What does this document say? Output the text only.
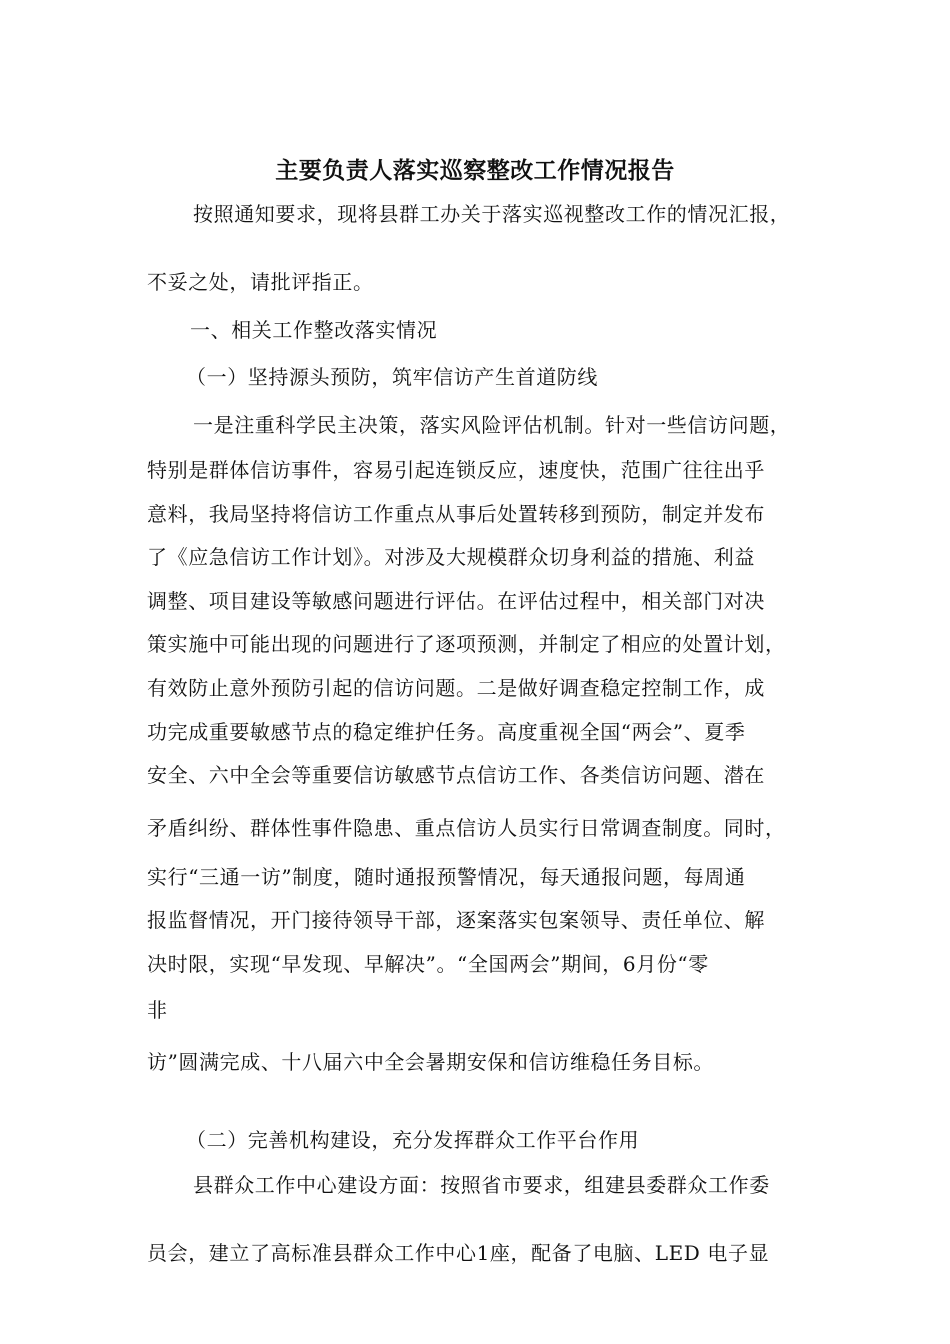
主要负责人落实巡察整改工作情况报告
按照通知要求，现将县群工办关于落实巡视整改工作的情况汇报，
不妥之处，请批评指正。
一、相关工作整改落实情况
（一）坚持源头预防，筑牢信访产生首道防线
一是注重科学民主决策，落实风险评估机制。针对一些信访问题，
特别是群体信访事件，容易引起连锁反应，速度快，范围广往往出乎
意料，我局坚持将信访工作重点从事后处置转移到预防，制定并发布
了《应急信访工作计划》。对涉及大规模群众切身利益的措施、利益
调整、项目建设等敏感问题进行评估。在评估过程中，相关部门对决
策实施中可能出现的问题进行了逐项预测，并制定了相应的处置计划，
有效防止意外预防引起的信访问题。二是做好调查稳定控制工作，成
功完成重要敏感节点的稳定维护任务。高度重视全国“两会”、夏季
安全、六中全会等重要信访敏感节点信访工作、各类信访问题、潜在
矛盾纠纷、群体性事件隐患、重点信访人员实行日常调查制度。同时，
实行“三通一访”制度，随时通报预警情况，每天通报问题，每周通
报监督情况，开门接待领导干部，逐案落实包案领导、责任单位、解
决时限，实现“早发现、早解决”。“全国两会”期间，6月份“零
非
访”圆满完成、十八届六中全会暑期安保和信访维稳任务目标。
（二）完善机构建设，充分发挥群众工作平台作用
县群众工作中心建设方面：按照省市要求，组建县委群众工作委
员会，建立了高标准县群众工作中心1座，配备了电脑、LED 电子显
